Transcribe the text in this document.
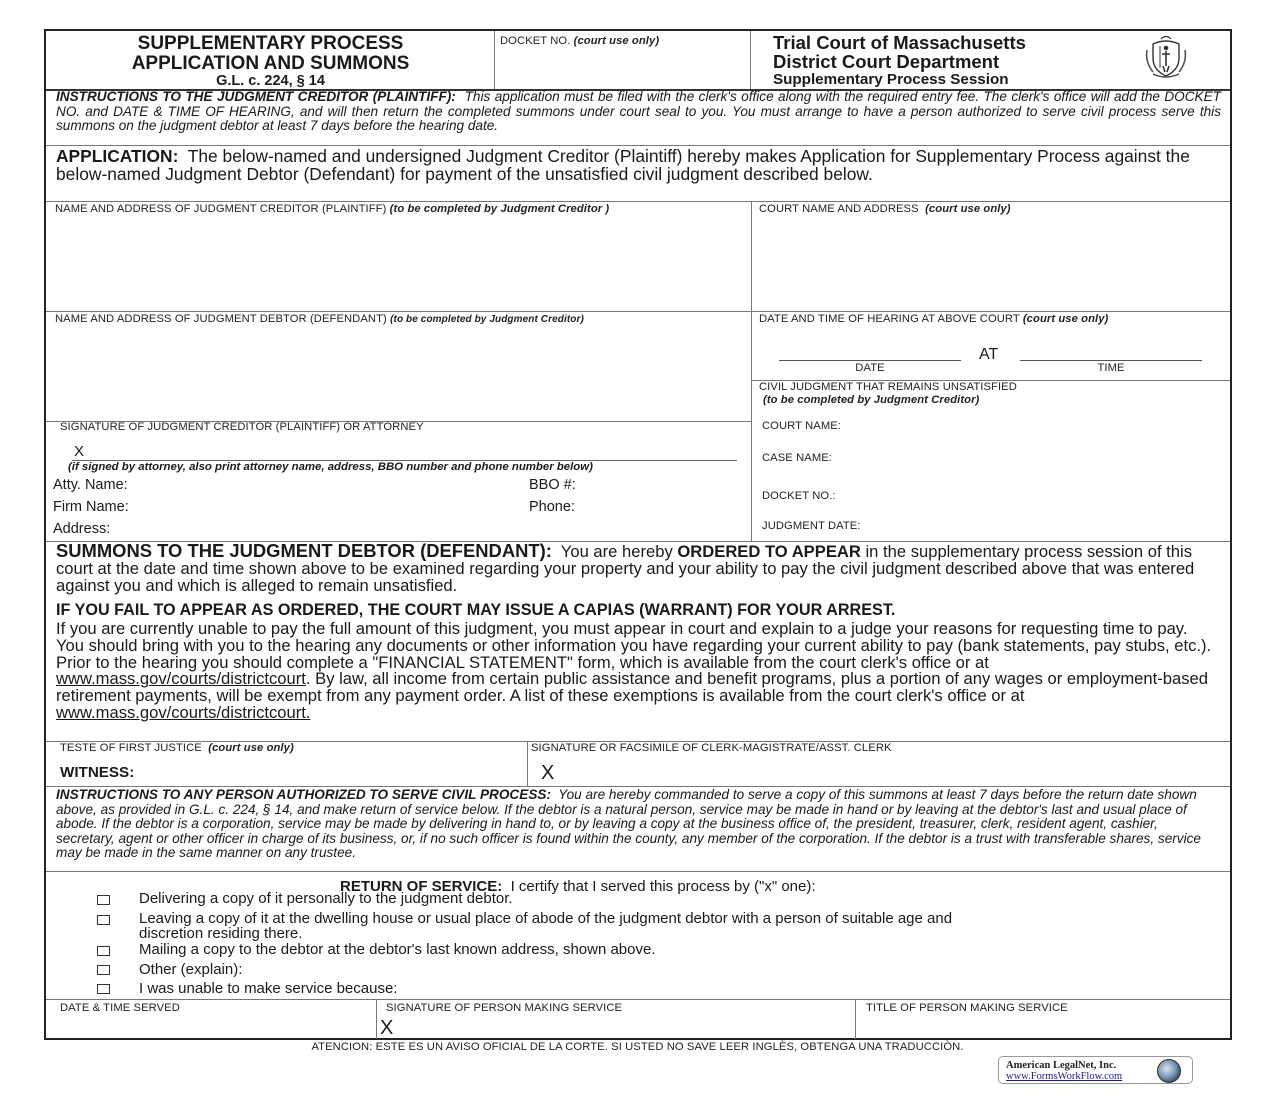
SUPPLEMENTARY PROCESS
APPLICATION AND SUMMONS
G.L. c. 224, § 14
DOCKET NO. (court use only)	Trial Court of Massachusetts
District Court Department
Supplementary Process Session
INSTRUCTIONS TO THE JUDGMENT CREDITOR (PLAINTIFF): This application must be filed with the clerk's office along with the required entry fee. The clerk's office will add the DOCKET NO. and DATE & TIME OF HEARING, and will then return the completed summons under court seal to you. You must arrange to have a person authorized to serve civil process serve this summons on the judgment debtor at least 7 days before the hearing date.
APPLICATION: The below-named and undersigned Judgment Creditor (Plaintiff) hereby makes Application for Supplementary Process against the below-named Judgment Debtor (Defendant) for payment of the unsatisfied civil judgment described below.
NAME AND ADDRESS OF JUDGMENT CREDITOR (PLAINTIFF) (to be completed by Judgment Creditor )	COURT NAME AND ADDRESS (court use only)
NAME AND ADDRESS OF JUDGMENT DEBTOR (DEFENDANT) (to be completed by Judgment Creditor)	DATE AND TIME OF HEARING AT ABOVE COURT (court use only)
DATE
AT
TIME
CIVIL JUDGMENT THAT REMAINS UNSATISFIED
(to be completed by Judgment Creditor)
COURT NAME:
CASE NAME:
DOCKET NO.:
JUDGMENT DATE:
SIGNATURE OF JUDGMENT CREDITOR (PLAINTIFF) OR ATTORNEY
X
(if signed by attorney, also print attorney name, address, BBO number and phone number below)
Atty. Name:	BBO #:
Firm Name:	Phone:
Address:
SUMMONS TO THE JUDGMENT DEBTOR (DEFENDANT): You are hereby ORDERED TO APPEAR in the supplementary process session of this court at the date and time shown above to be examined regarding your property and your ability to pay the civil judgment described above that was entered against you and which is alleged to remain unsatisfied.
IF YOU FAIL TO APPEAR AS ORDERED, THE COURT MAY ISSUE A CAPIAS (WARRANT) FOR YOUR ARREST.
If you are currently unable to pay the full amount of this judgment, you must appear in court and explain to a judge your reasons for requesting time to pay. You should bring with you to the hearing any documents or other information you have regarding your current ability to pay (bank statements, pay stubs, etc.). Prior to the hearing you should complete a "FINANCIAL STATEMENT" form, which is available from the court clerk's office or at www.mass.gov/courts/districtcourt. By law, all income from certain public assistance and benefit programs, plus a portion of any wages or employment-based retirement payments, will be exempt from any payment order. A list of these exemptions is available from the court clerk's office or at www.mass.gov/courts/districtcourt.
TESTE OF FIRST JUSTICE (court use only)
WITNESS:
SIGNATURE OR FACSIMILE OF CLERK-MAGISTRATE/ASST. CLERK
X
INSTRUCTIONS TO ANY PERSON AUTHORIZED TO SERVE CIVIL PROCESS: You are hereby commanded to serve a copy of this summons at least 7 days before the return date shown above, as provided in G.L. c. 224, § 14, and make return of service below. If the debtor is a natural person, service may be made in hand or by leaving at the debtor's last and usual place of abode. If the debtor is a corporation, service may be made by delivering in hand to, or by leaving a copy at the business office of, the president, treasurer, clerk, resident agent, cashier, secretary, agent or other officer in charge of its business, or, if no such officer is found within the county, any member of the corporation. If the debtor is a trust with transferable shares, service may be made in the same manner on any trustee.
RETURN OF SERVICE: I certify that I served this process by ("x" one):
Delivering a copy of it personally to the judgment debtor.
Leaving a copy of it at the dwelling house or usual place of abode of the judgment debtor with a person of suitable age and
discretion residing there.
Mailing a copy to the debtor at the debtor's last known address, shown above.
Other (explain):
I was unable to make service because:
DATE & TIME SERVED	SIGNATURE OF PERSON MAKING SERVICE
X
TITLE OF PERSON MAKING SERVICE
ATENCION: ESTE ES UN AVISO OFICIAL DE LA CORTE. SI USTED NO SAVE LEER INGLÈS, OBTENGA UNA TRADUCCIÒN.
American LegalNet, Inc.
www.FormsWorkFlow.com
